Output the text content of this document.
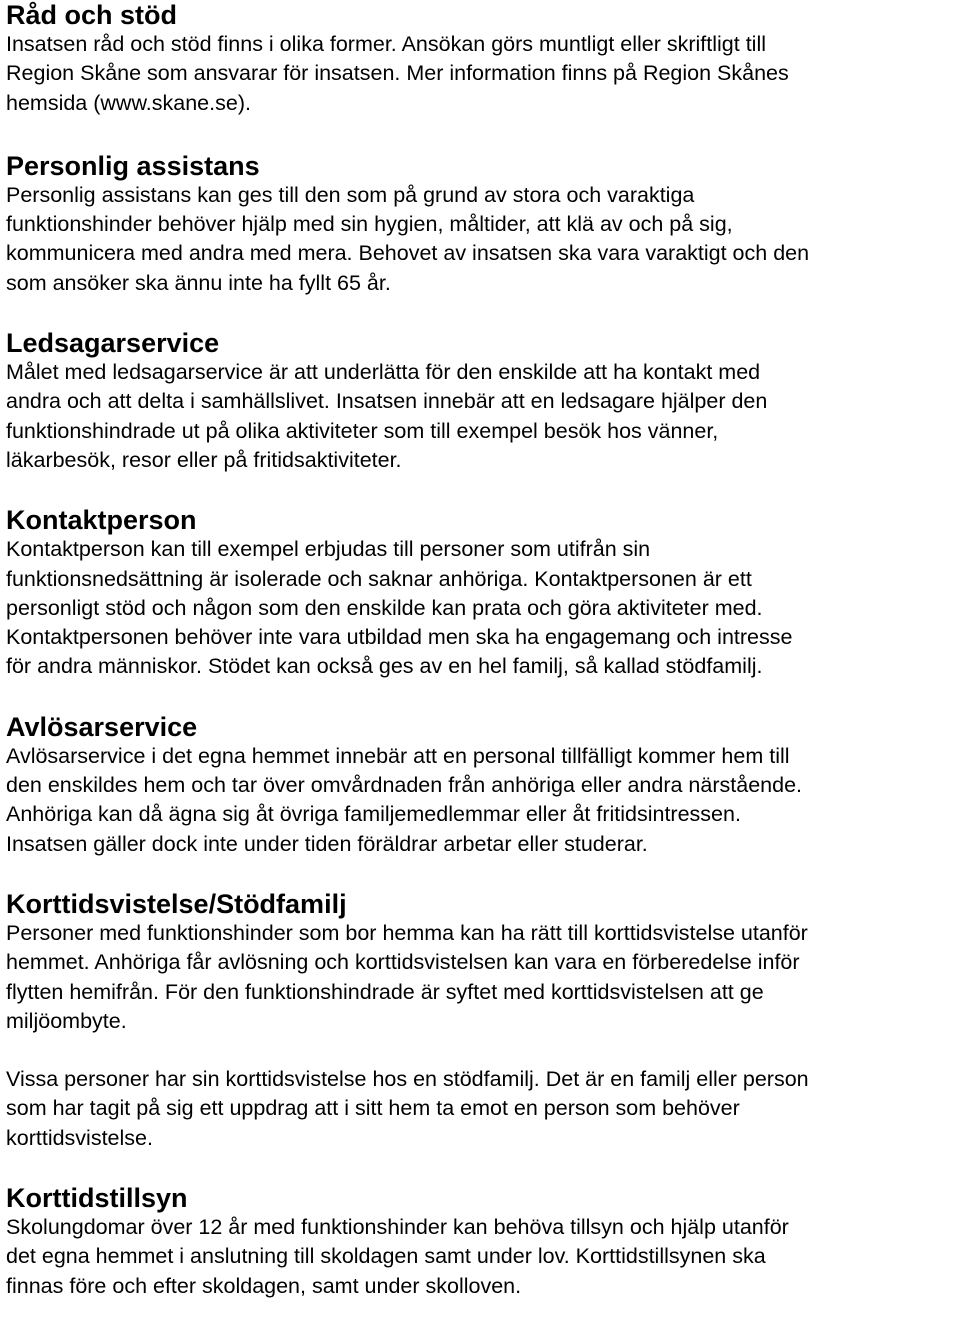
Råd och stöd

Insatsen råd och stöd finns i olika former. Ansökan görs muntligt eller skriftligt till
Region Skåne som ansvarar för insatsen. Mer information finns på Region Skånes
hemsida (www.skane.se).

Personlig assistans

Personlig assistans kan ges till den som på grund av stora och varaktiga
funktionshinder behöver hjälp med sin hygien, måltider, att klä av och på sig,
kommunicera med andra med mera. Behovet av insatsen ska vara varaktigt och den
som ansöker ska ännu inte ha fyllt 65 år.

Ledsagarservice

Målet med ledsagarservice är att underlätta för den enskilde att ha kontakt med
andra och att delta i samhällslivet. Insatsen innebär att en ledsagare hjälper den
funktionshindrade ut på olika aktiviteter som till exempel besök hos vänner,
läkarbesök, resor eller på fritidsaktiviteter.

Kontaktperson

Kontaktperson kan till exempel erbjudas till personer som utifrån sin
funktionsnedsättning är isolerade och saknar anhöriga. Kontaktpersonen är ett
personligt stöd och någon som den enskilde kan prata och göra aktiviteter med.
Kontaktpersonen behöver inte vara utbildad men ska ha engagemang och intresse
för andra människor. Stödet kan också ges av en hel familj, så kallad stödfamilj.

Avlösarservice

Avlösarservice i det egna hemmet innebär att en personal tillfälligt kommer hem till
den enskildes hem och tar över omvårdnaden från anhöriga eller andra närstående.
Anhöriga kan då ägna sig åt övriga familjemedlemmar eller åt fritidsintressen.
Insatsen gäller dock inte under tiden föräldrar arbetar eller studerar.

Korttidsvistelse/Stödfamilj

Personer med funktionshinder som bor hemma kan ha rätt till korttidsvistelse utanför
hemmet. Anhöriga får avlösning och korttidsvistelsen kan vara en förberedelse inför
flytten hemifrån. För den funktionshindrade är syftet med korttidsvistelsen att ge
miljöombyte.

Vissa personer har sin korttidsvistelse hos en stödfamilj. Det är en familj eller person
som har tagit på sig ett uppdrag att i sitt hem ta emot en person som behöver
korttidsvistelse.

Korttidstillsyn

Skolungdomar över 12 år med funktionshinder kan behöva tillsyn och hjälp utanför
det egna hemmet i anslutning till skoldagen samt under lov. Korttidstillsynen ska
finnas före och efter skoldagen, samt under skolloven.
